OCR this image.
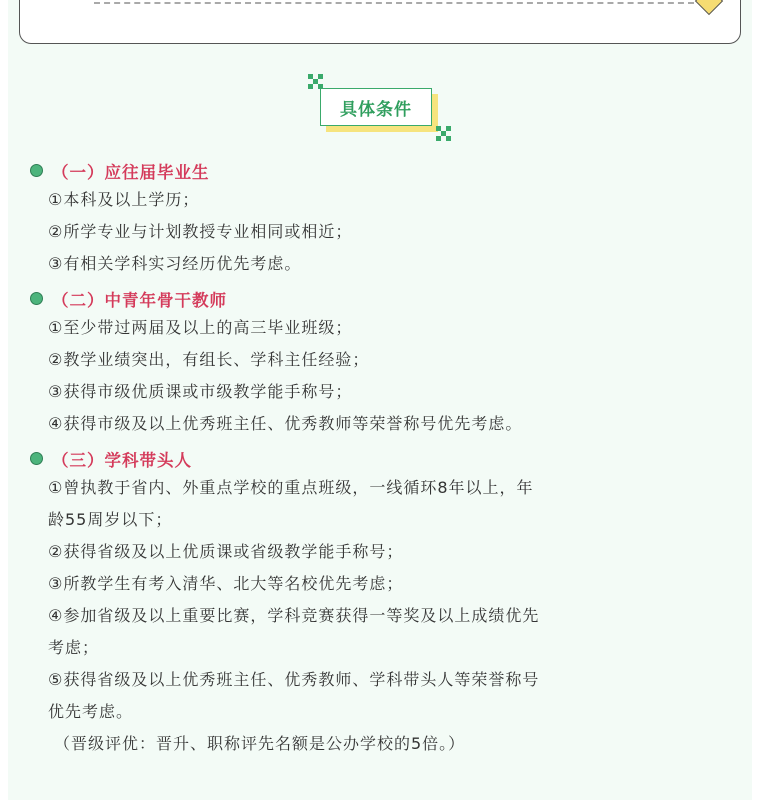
具体条件
（一）应往届毕业生
①本科及以上学历；
②所学专业与计划教授专业相同或相近；
③有相关学科实习经历优先考虑。
（二）中青年骨干教师
①至少带过两届及以上的高三毕业班级；
②教学业绩突出，有组长、学科主任经验；
③获得市级优质课或市级教学能手称号；
④获得市级及以上优秀班主任、优秀教师等荣誉称号优先考虑。
（三）学科带头人
①曾执教于省内、外重点学校的重点班级，一线循环8年以上，年
龄55周岁以下；
②获得省级及以上优质课或省级教学能手称号；
③所教学生有考入清华、北大等名校优先考虑；
④参加省级及以上重要比赛，学科竞赛获得一等奖及以上成绩优先
考虑；
⑤获得省级及以上优秀班主任、优秀教师、学科带头人等荣誉称号
优先考虑。
（晋级评优：晋升、职称评先名额是公办学校的5倍。）
